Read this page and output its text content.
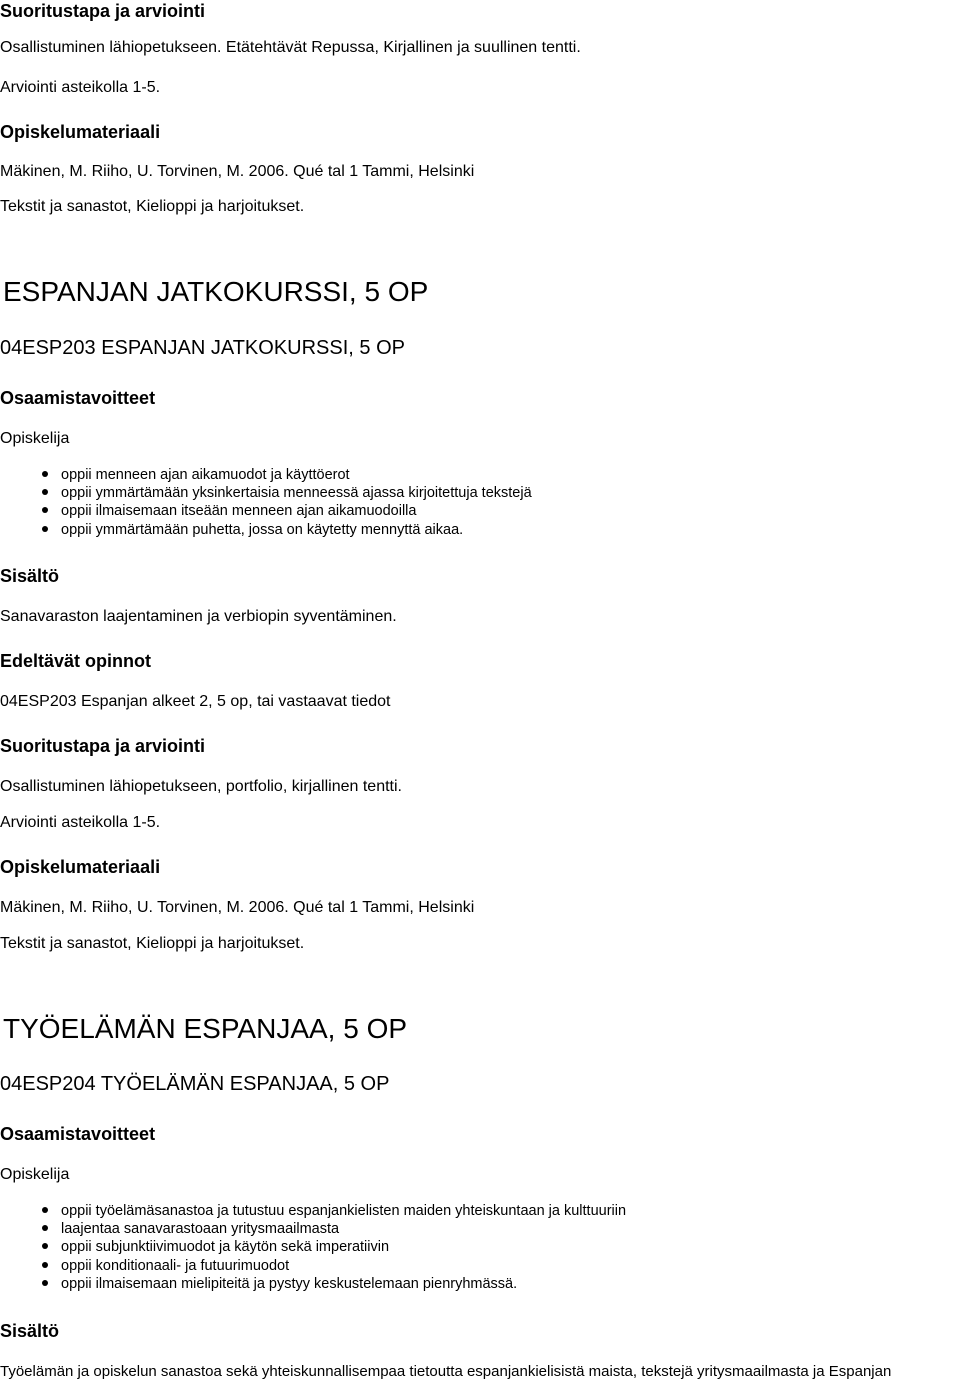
Suoritustapa ja arviointi
Osallistuminen lähiopetukseen. Etätehtävät Repussa, Kirjallinen ja suullinen tentti.
Arviointi asteikolla 1-5.
Opiskelumateriaali
Mäkinen, M. Riiho, U. Torvinen, M. 2006. Qué tal 1 Tammi, Helsinki
Tekstit ja sanastot, Kielioppi ja harjoitukset.
ESPANJAN JATKOKURSSI, 5 OP
04ESP203 ESPANJAN JATKOKURSSI, 5 OP
Osaamistavoitteet
Opiskelija
oppii menneen ajan aikamuodot ja käyttöerot
oppii ymmärtämään yksinkertaisia menneessä ajassa kirjoitettuja tekstejä
oppii ilmaisemaan itseään menneen ajan aikamuodoilla
oppii ymmärtämään puhetta, jossa on käytetty mennyttä aikaa.
Sisältö
Sanavaraston laajentaminen ja verbiopin syventäminen.
Edeltävät opinnot
04ESP203 Espanjan alkeet 2, 5 op, tai vastaavat tiedot
Suoritustapa ja arviointi
Osallistuminen lähiopetukseen, portfolio, kirjallinen tentti.
Arviointi asteikolla 1-5.
Opiskelumateriaali
Mäkinen, M. Riiho, U. Torvinen, M. 2006. Qué tal 1 Tammi, Helsinki
Tekstit ja sanastot, Kielioppi ja harjoitukset.
TYÖELÄMÄN ESPANJAA, 5 OP
04ESP204 TYÖELÄMÄN ESPANJAA, 5 OP
Osaamistavoitteet
Opiskelija
oppii työelämäsanastoa ja tutustuu espanjankielisten maiden yhteiskuntaan ja kulttuuriin
laajentaa sanavarastoaan yritysmaailmasta
oppii subjunktiivimuodot ja käytön sekä imperatiivin
oppii konditionaali- ja futuurimuodot
oppii ilmaisemaan mielipiteitä ja pystyy keskustelemaan pienryhmässä.
Sisältö
Työelämän ja opiskelun sanastoa sekä yhteiskunnallisempaa tietoutta espanjankielisistä maista, tekstejä yritysmaailmasta ja Espanjan
